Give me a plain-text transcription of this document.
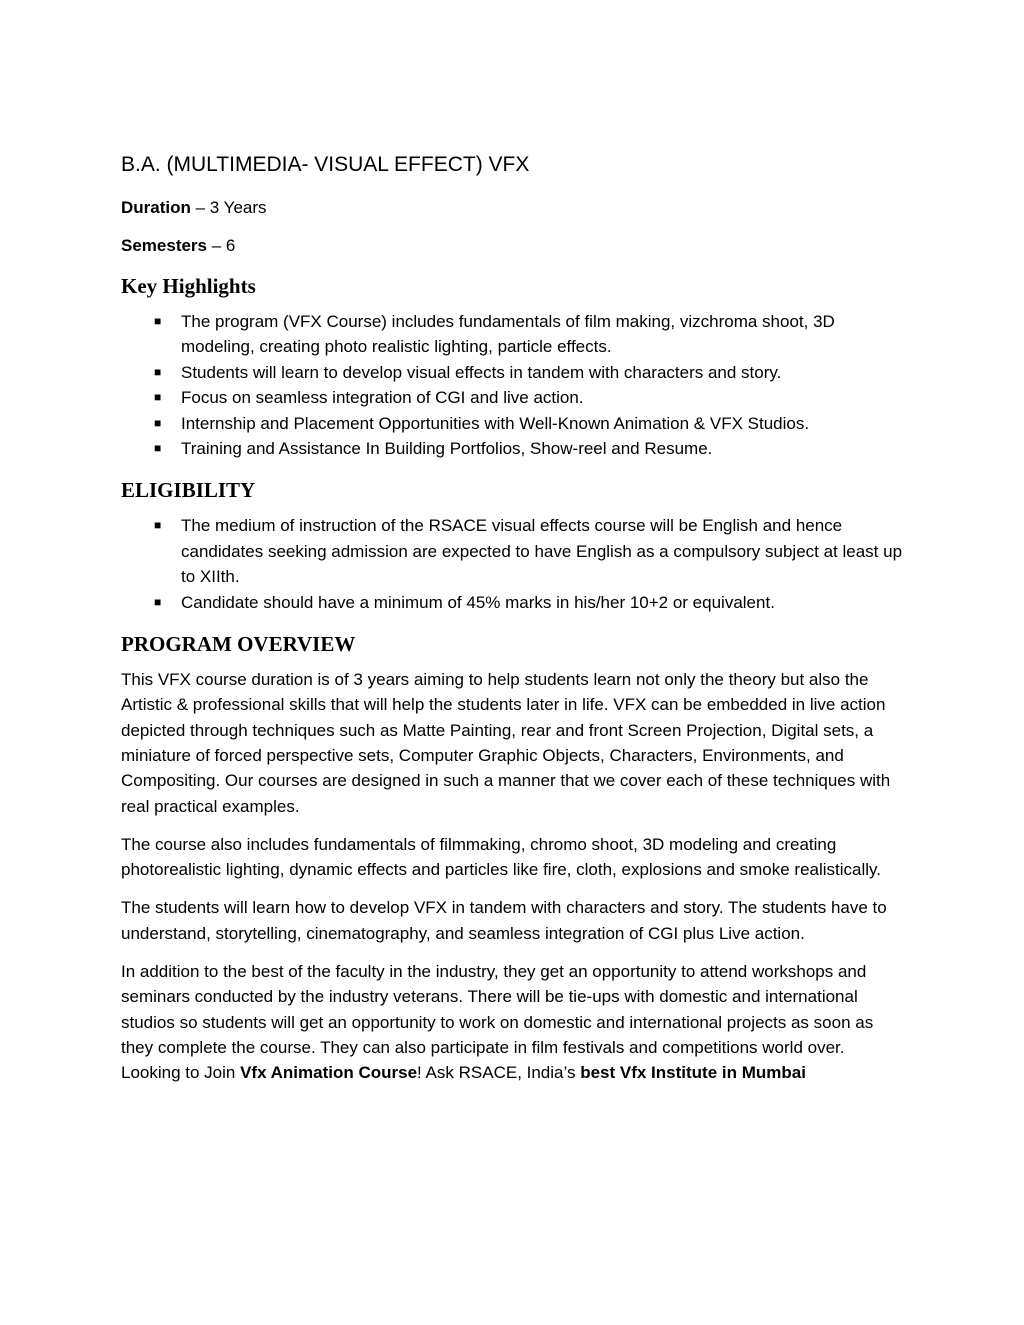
B.A. (MULTIMEDIA- VISUAL EFFECT) VFX

Duration – 3 Years

Semesters – 6

Key Highlights
■ The program (VFX Course) includes fundamentals of film making, vizchroma shoot, 3D modeling, creating photo realistic lighting, particle effects.
■ Students will learn to develop visual effects in tandem with characters and story.
■ Focus on seamless integration of CGI and live action.
■ Internship and Placement Opportunities with Well-Known Animation & VFX Studios.
■ Training and Assistance In Building Portfolios, Show-reel and Resume.
ELIGIBILITY
■ The medium of instruction of the RSACE visual effects course will be English and hence candidates seeking admission are expected to have English as a compulsory subject at least up to XIIth.
■ Candidate should have a minimum of 45% marks in his/her 10+2 or equivalent.
PROGRAM OVERVIEW

This VFX course duration is of 3 years aiming to help students learn not only the theory but also the Artistic & professional skills that will help the students later in life. VFX can be embedded in live action depicted through techniques such as Matte Painting, rear and front Screen Projection, Digital sets, a miniature of forced perspective sets, Computer Graphic Objects, Characters, Environments, and Compositing. Our courses are designed in such a manner that we cover each of these techniques with real practical examples.

The course also includes fundamentals of filmmaking, chromo shoot, 3D modeling and creating photorealistic lighting, dynamic effects and particles like fire, cloth, explosions and smoke realistically.

The students will learn how to develop VFX in tandem with characters and story. The students have to understand, storytelling, cinematography, and seamless integration of CGI plus Live action.

In addition to the best of the faculty in the industry, they get an opportunity to attend workshops and seminars conducted by the industry veterans. There will be tie-ups with domestic and international studios so students will get an opportunity to work on domestic and international projects as soon as they complete the course. They can also participate in film festivals and competitions world over.

Looking to Join Vfx Animation Course! Ask RSACE, India’s best Vfx Institute in Mumbai
